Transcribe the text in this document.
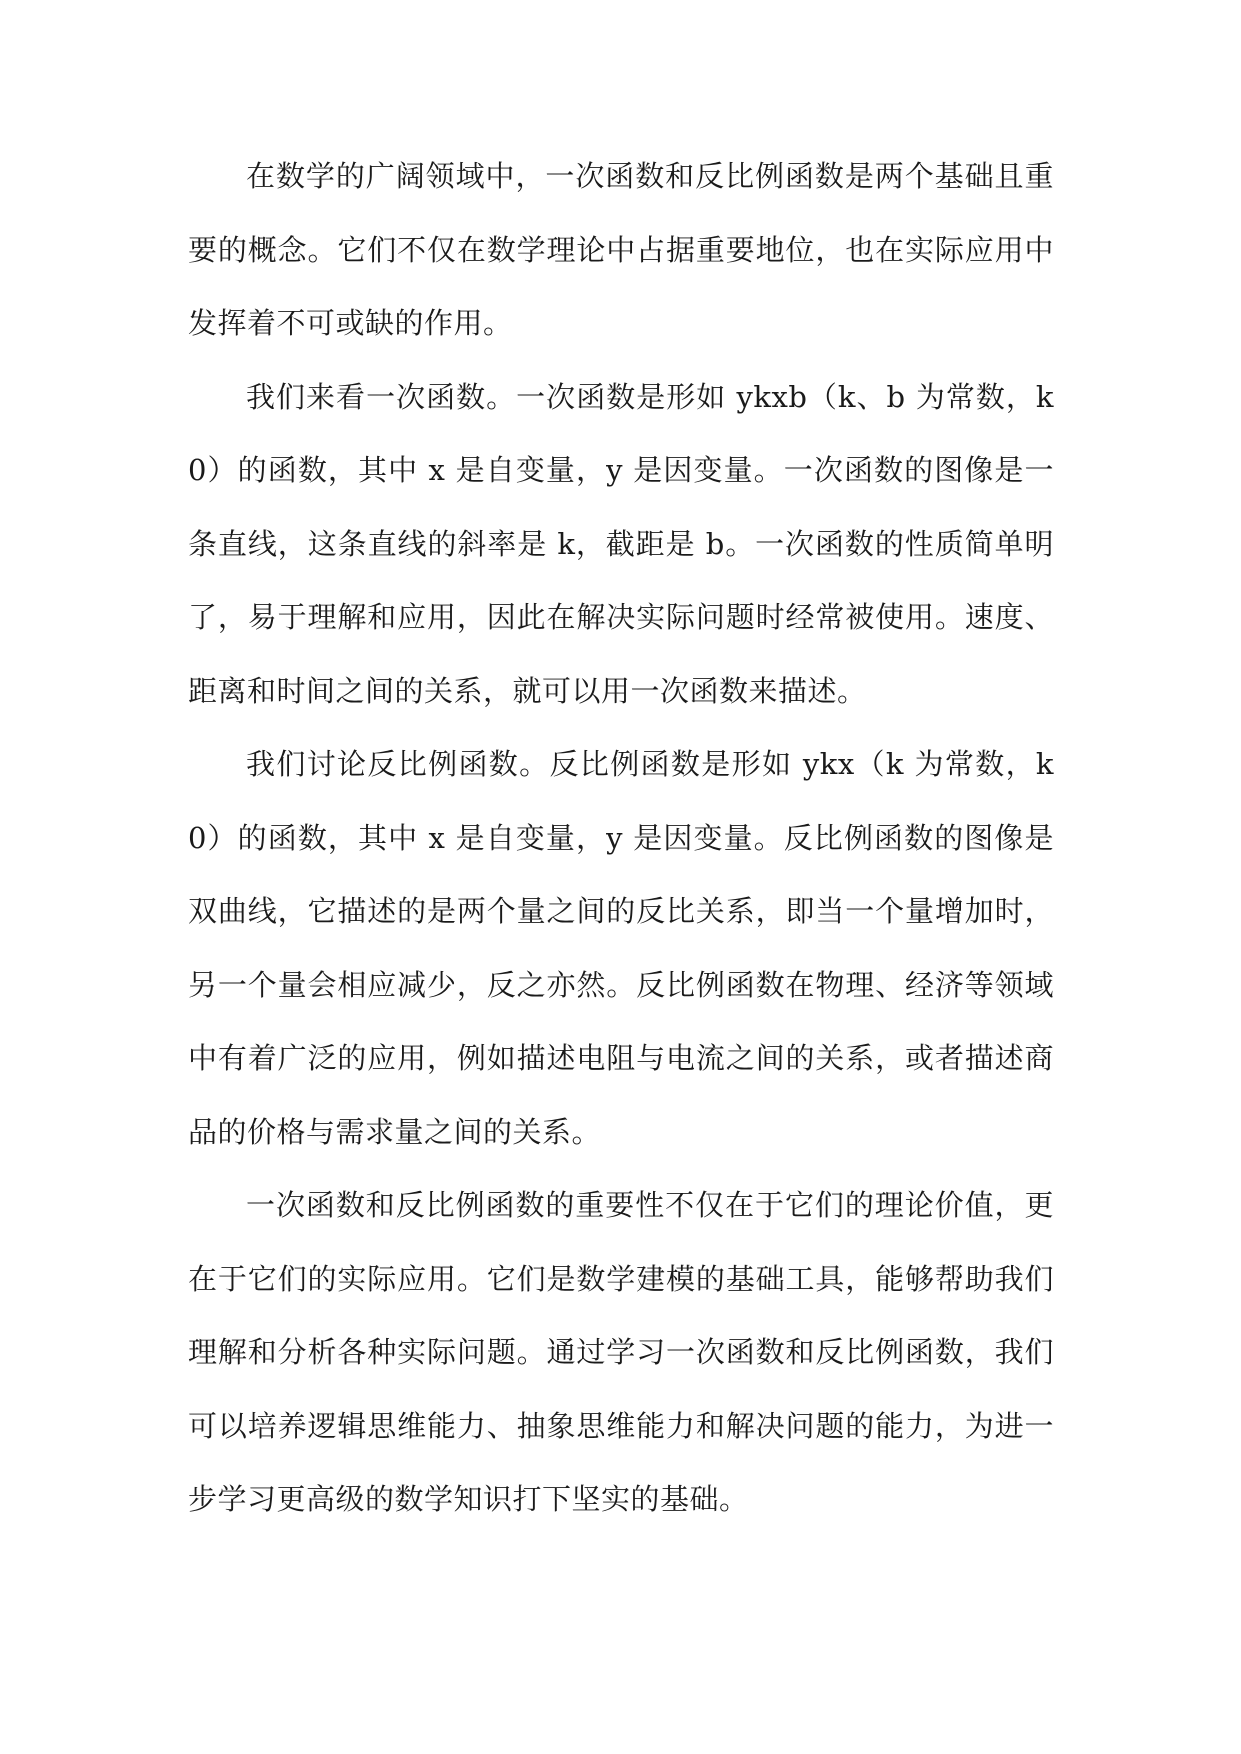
在数学的广阔领域中，一次函数和反比例函数是两个基础且重要的概念。它们不仅在数学理论中占据重要地位，也在实际应用中发挥着不可或缺的作用。

我们来看一次函数。一次函数是形如 ykxb（k、b 为常数，k0）的函数，其中 x 是自变量，y 是因变量。一次函数的图像是一条直线，这条直线的斜率是 k，截距是 b。一次函数的性质简单明了，易于理解和应用，因此在解决实际问题时经常被使用。速度、距离和时间之间的关系，就可以用一次函数来描述。

我们讨论反比例函数。反比例函数是形如 ykx（k 为常数，k0）的函数，其中 x 是自变量，y 是因变量。反比例函数的图像是双曲线，它描述的是两个量之间的反比关系，即当一个量增加时，另一个量会相应减少，反之亦然。反比例函数在物理、经济等领域中有着广泛的应用，例如描述电阻与电流之间的关系，或者描述商品的价格与需求量之间的关系。

一次函数和反比例函数的重要性不仅在于它们的理论价值，更在于它们的实际应用。它们是数学建模的基础工具，能够帮助我们理解和分析各种实际问题。通过学习一次函数和反比例函数，我们可以培养逻辑思维能力、抽象思维能力和解决问题的能力，为进一步学习更高级的数学知识打下坚实的基础。
